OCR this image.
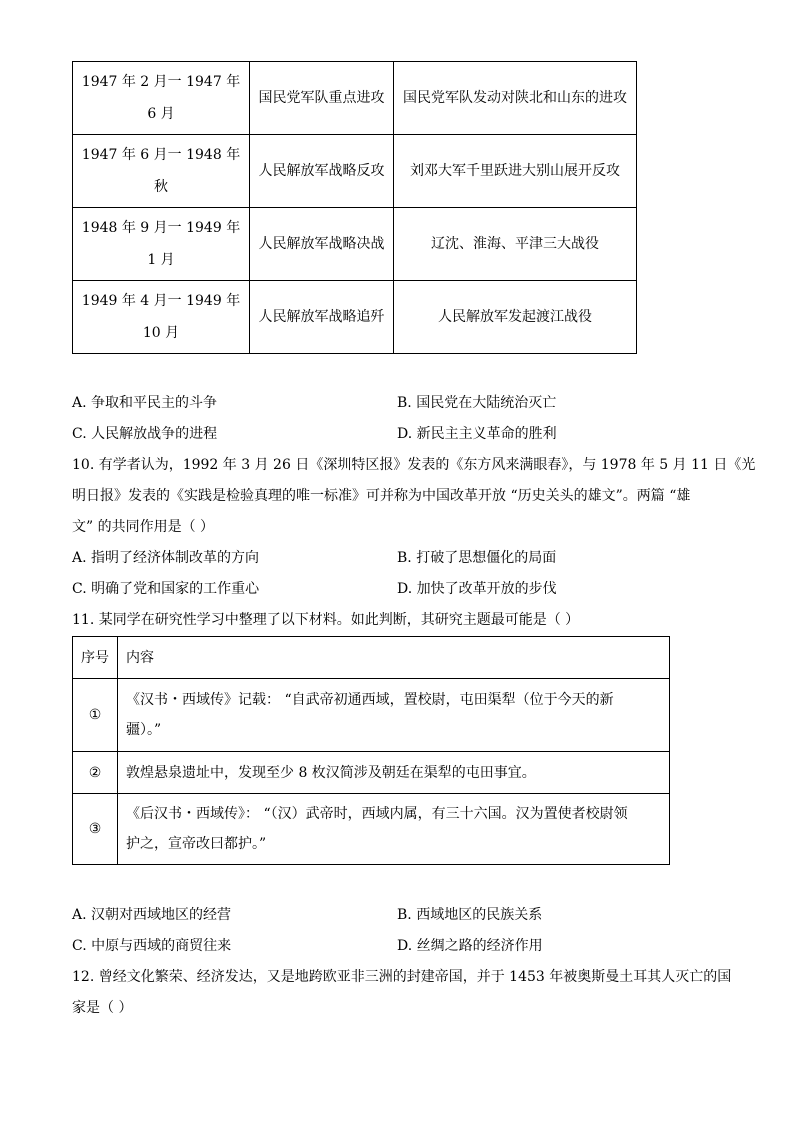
1947 年 2 月一 1947 年 6 月	国民党军队重点进攻	国民党军队发动对陕北和山东的进攻
1947 年 6 月一 1948 年 秋	人民解放军战略反攻	刘邓大军千里跃进大别山展开反攻
1948 年 9 月一 1949 年 1 月	人民解放军战略决战	辽沈、淮海、平津三大战役
1949 年 4 月一 1949 年 10 月	人民解放军战略追歼	人民解放军发起渡江战役
A. 争取和平民主的斗争	B. 国民党在大陆统治灭亡
C. 人民解放战争的进程	D. 新民主主义革命的胜利
10. 有学者认为，1992 年 3 月 26 日《深圳特区报》发表的《东方风来满眼春》，与 1978 年 5 月 11 日《光
明日报》发表的《实践是检验真理的唯一标准》可并称为中国改革开放 “历史关头的雄文”。两篇 “雄
文” 的共同作用是（ ）
A. 指明了经济体制改革的方向	B. 打破了思想僵化的局面
C. 明确了党和国家的工作重心	D. 加快了改革开放的步伐
11. 某同学在研究性学习中整理了以下材料。如此判断，其研究主题最可能是（ ）
序号	内容
①	《汉书・西域传》记载： “自武帝初通西域，置校尉，屯田渠犁（位于今天的新
疆）。”

②	敦煌悬泉遗址中，发现至少 8 枚汉简涉及朝廷在渠犁的屯田事宜。
③	《后汉书・西域传》： “（汉）武帝时，西域内属，有三十六国。汉为置使者校尉领
护之，宣帝改曰都护。”
A. 汉朝对西域地区的经营	B. 西域地区的民族关系
C. 中原与西域的商贸往来	D. 丝绸之路的经济作用
12. 曾经文化繁荣、经济发达，又是地跨欧亚非三洲的封建帝国，并于 1453 年被奥斯曼土耳其人灭亡的国
家是（ ）
